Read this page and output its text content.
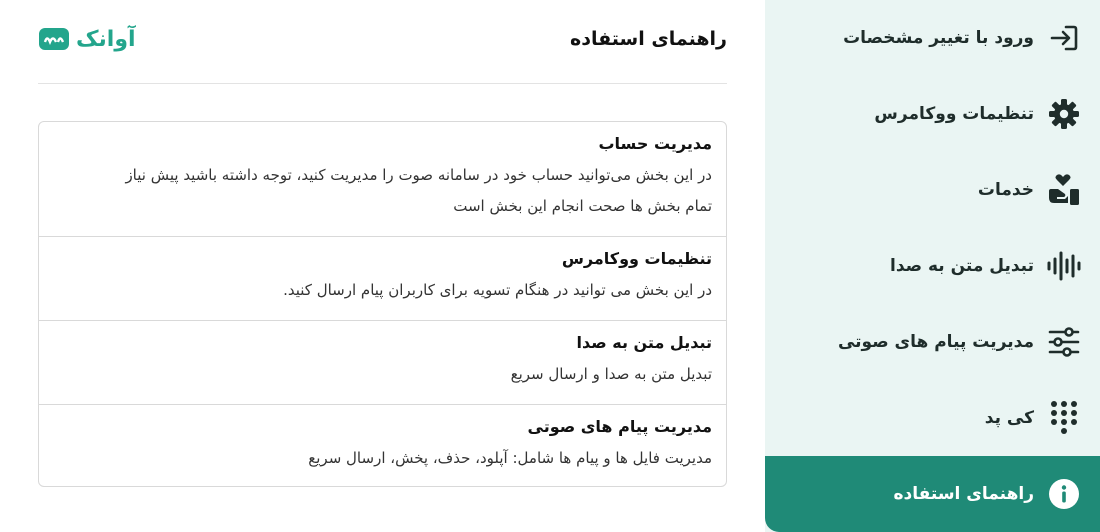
راهنمای استفاده
آوانک
مدیریت حساب
در این بخش می‌توانید حساب خود در سامانه صوت را مدیریت کنید، توجه داشته باشید پیش نیاز
تمام بخش ها صحت انجام این بخش است
تنظیمات ووکامرس
در این بخش می توانید در هنگام تسویه برای کاربران پیام ارسال کنید.
تبدیل متن به صدا
تبدیل متن به صدا و ارسال سریع
مدیریت پیام های صوتی
مدیریت فایل ها و پیام ها شامل: آپلود، حذف، پخش، ارسال سریع
ورود با تغییر مشخصات
تنظیمات ووکامرس
خدمات
تبدیل متن به صدا
مدیریت پیام های صوتی
کی پد
راهنمای استفاده
